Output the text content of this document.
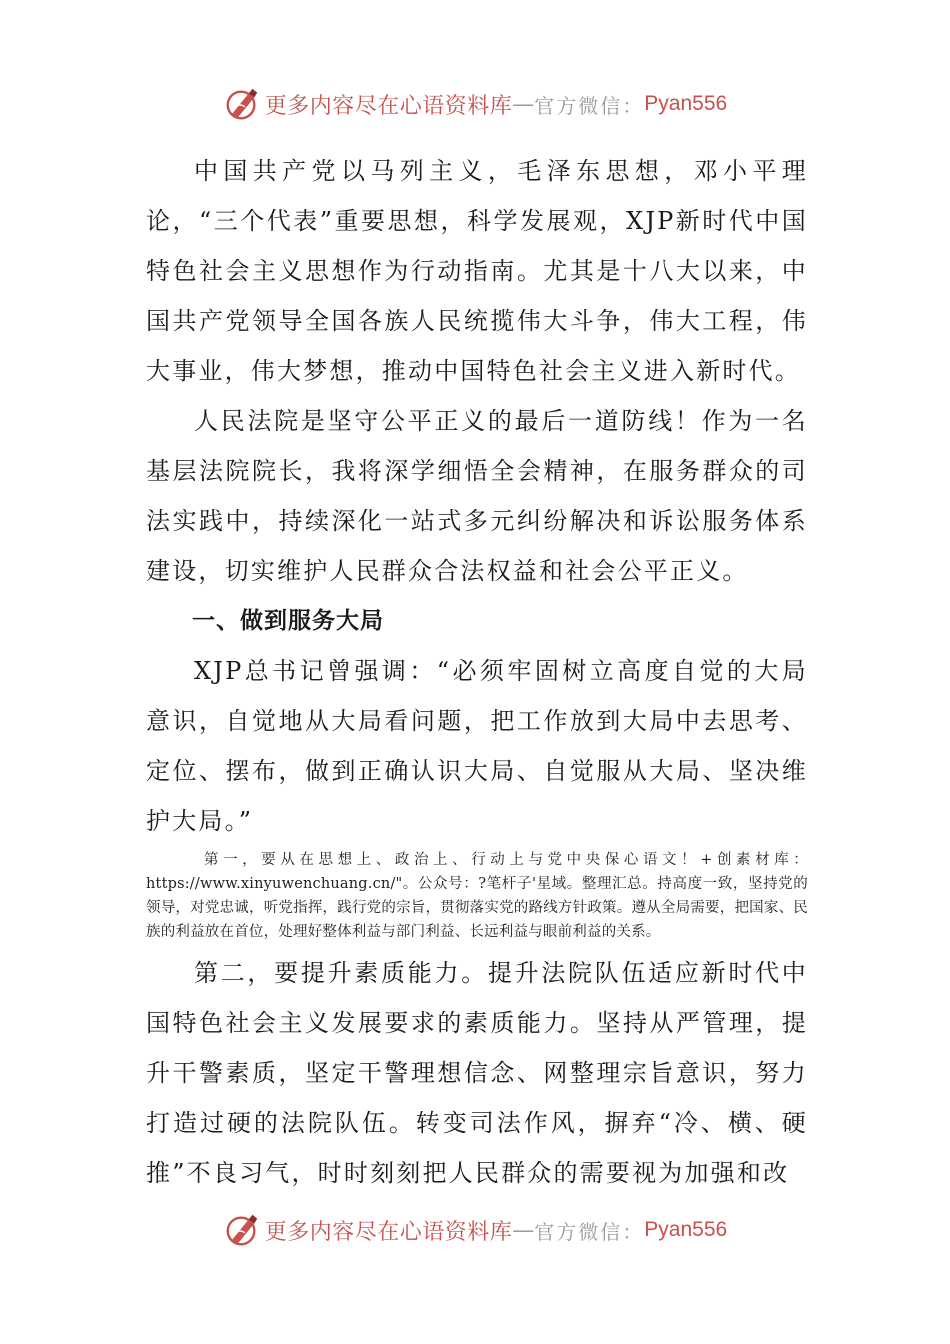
更多内容尽在心语资料库 — 官方微信： Pyan556

中国共产党以马列主义，毛泽东思想，邓小平理论，“三个代表”重要思想，科学发展观，XJP新时代中国特色社会主义思想作为行动指南。尤其是十八大以来，中国共产党领导全国各族人民统揽伟大斗争，伟大工程，伟大事业，伟大梦想，推动中国特色社会主义进入新时代。

人民法院是坚守公平正义的最后一道防线！作为一名基层法院院长，我将深学细悟全会精神，在服务群众的司法实践中，持续深化一站式多元纠纷解决和诉讼服务体系建设，切实维护人民群众合法权益和社会公平正义。

一、做到服务大局

XJP总书记曾强调：“必须牢固树立高度自觉的大局意识，自觉地从大局看问题，把工作放到大局中去思考、定位、摆布，做到正确认识大局、自觉服从大局、坚决维护大局。”

第一，要从在思想上、政治上、行动上与党中央保心语文！+创素材库：https://www.xinyuwenchuang.cn/"。公众号：?笔杆子'星域。整理汇总。持高度一致，坚持党的领导，对党忠诚，听党指挥，践行党的宗旨，贯彻落实党的路线方针政策。遵从全局需要，把国家、民族的利益放在首位，处理好整体利益与部门利益、长远利益与眼前利益的关系。

第二，要提升素质能力。提升法院队伍适应新时代中国特色社会主义发展要求的素质能力。坚持从严管理，提升干警素质，坚定干警理想信念、网整理宗旨意识，努力打造过硬的法院队伍。转变司法作风，摒弃“冷、横、硬推”不良习气，时时刻刻把人民群众的需要视为加强和改

更多内容尽在心语资料库 — 官方微信： Pyan556
